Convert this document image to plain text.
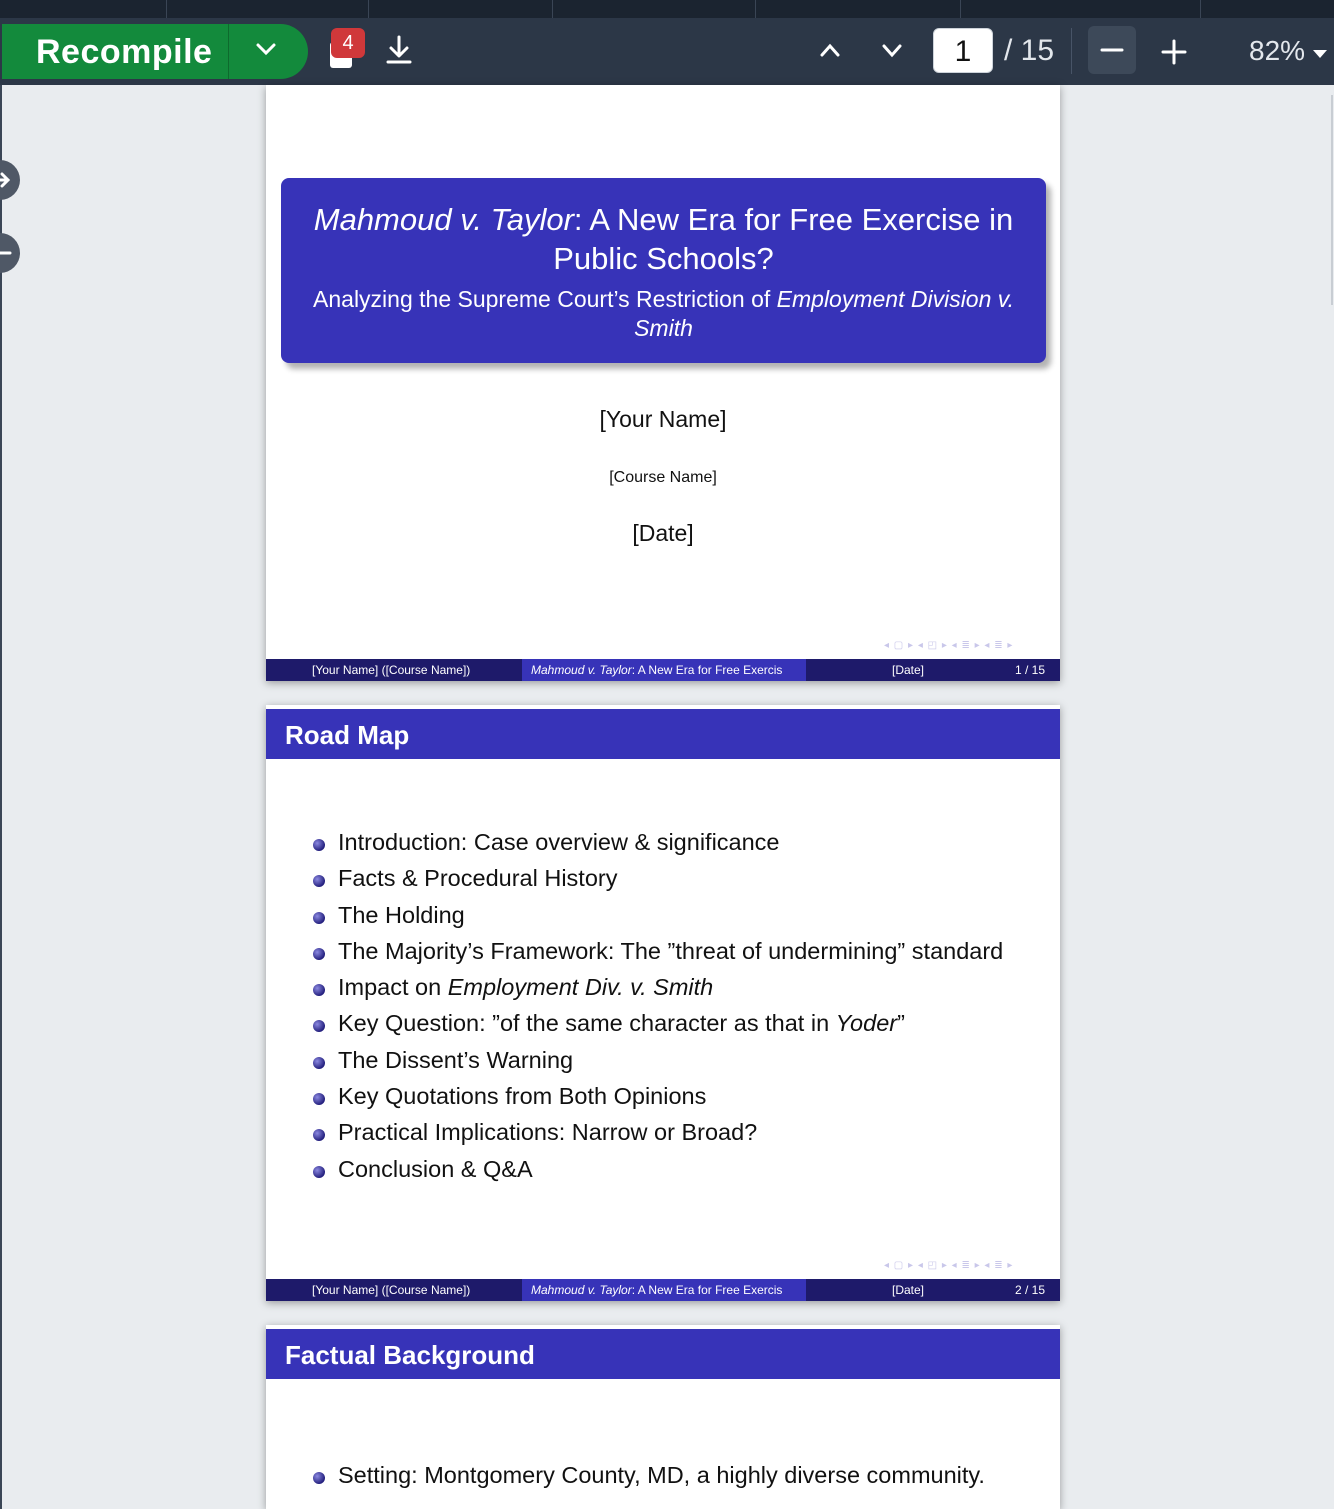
Recompile	4	1	/ 15	82%
Mahmoud v. Taylor: A New Era for Free Exercise in Public Schools?
Analyzing the Supreme Court’s Restriction of Employment Division v. Smith
[Your Name]
[Course Name]
[Date]
◂ ▢ ▸ ◂ ◰ ▸ ◂ ≣ ▸ ◂ ≣ ▸
[Your Name] ([Course Name])	Mahmoud v. Taylor: A New Era for Free Exercis	[Date]	1 / 15
Road Map
Introduction: Case overview & significance
Facts & Procedural History
The Holding
The Majority’s Framework: The ”threat of undermining” standard
Impact on Employment Div. v. Smith
Key Question: ”of the same character as that in Yoder”
The Dissent’s Warning
Key Quotations from Both Opinions
Practical Implications: Narrow or Broad?
Conclusion & Q&A
◂ ▢ ▸ ◂ ◰ ▸ ◂ ≣ ▸ ◂ ≣ ▸
[Your Name] ([Course Name])	Mahmoud v. Taylor: A New Era for Free Exercis	[Date]	2 / 15
Factual Background
Setting: Montgomery County, MD, a highly diverse community.
